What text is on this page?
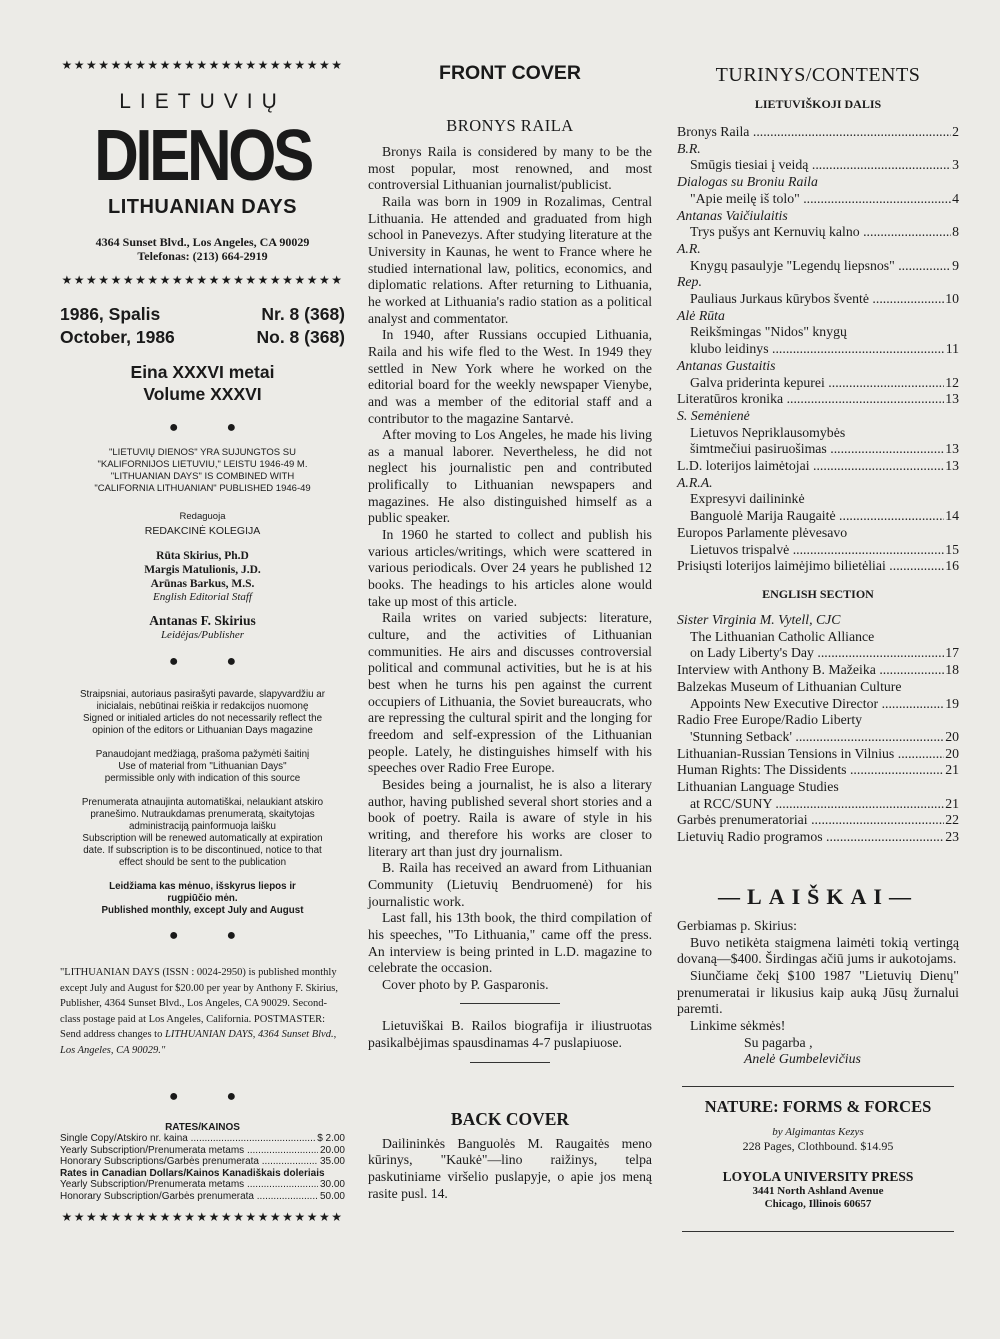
★★★★★★★★★★★★★★★★★★★★★★★
LIETUVIŲ
DIENOS
LITHUANIAN DAYS
4364 Sunset Blvd., Los Angeles, CA 90029
Telefonas: (213) 664-2919
★★★★★★★★★★★★★★★★★★★★★★★
1986, Spalis	Nr. 8 (368)
October, 1986	No. 8 (368)
Eina XXXVI metai
Volume XXXVI
● ●
"LIETUVIŲ DIENOS" YRA SUJUNGTOS SU
"KALIFORNIJOS LIETUVIU," LEISTU 1946-49 M.
"LITHUANIAN DAYS" IS COMBINED WITH
"CALIFORNIA LITHUANIAN" PUBLISHED 1946-49
Redaguoja
REDAKCINĖ KOLEGIJA
Rūta Skirius, Ph.D
Margis Matulionis, J.D.
Arūnas Barkus, M.S.
English Editorial Staff
Antanas F. Skirius
Leidėjas/Publisher
● ●
Straipsniai, autoriaus pasirašyti pavarde, slapyvardžiu ar
inicialais, nebūtinai reiškia ir redakcijos nuomonę
Signed or initialed articles do not necessarily reflect the
opinion of the editors or Lithuanian Days magazine
Panaudojant medžiagą, prašoma pažymėti šaitinį
Use of material from "Lithuanian Days"
permissible only with indication of this source
Prenumerata atnaujinta automatiškai, nelaukiant atskiro
pranešimo. Nutraukdamas prenumeratą, skaitytojas
administraciją painformuoja laišku
Subscription will be renewed automatically at expiration
date. If subscription is to be discontinued, notice to that
effect should be sent to the publication
Leidžiama kas mėnuo, išskyrus liepos ir
rugpiūčio mėn.
Published monthly, except July and August
● ●
"LITHUANIAN DAYS (ISSN : 0024-2950) is published monthly except July and August for $20.00 per year by Anthony F. Skirius, Publisher, 4364 Sunset Blvd., Los Angeles, CA 90029. Second-class postage paid at Los Angeles, California. POSTMASTER: Send address changes to LITHUANIAN DAYS, 4364 Sunset Blvd., Los Angeles, CA 90029."
● ●
RATES/KAINOS
Single Copy/Atskiro nr. kaina .....	$ 2.00
Yearly Subscription/Prenumerata metams .....	20.00
Honorary Subscriptions/Garbės prenumerata .....	35.00
Rates in Canadian Dollars/Kainos Kanadiškais doleriais
Yearly Subscription/Prenumerata metams .....	30.00
Honorary Subscription/Garbės prenumerata .....	50.00
★★★★★★★★★★★★★★★★★★★★★★★
FRONT COVER
BRONYS RAILA

Bronys Raila is considered by many to be the most popular, most renowned, and most controversial Lithuanian journalist/publicist.

Raila was born in 1909 in Rozalimas, Central Lithuania. He attended and graduated from high school in Panevezys. After studying literature at the University in Kaunas, he went to France where he studied international law, politics, economics, and diplomatic relations. After returning to Lithuania, he worked at Lithuania's radio station as a political analyst and commentator.

In 1940, after Russians occupied Lithuania, Raila and his wife fled to the West. In 1949 they settled in New York where he worked on the editorial board for the weekly newspaper Vienybe, and was a member of the editorial staff and a contributor to the magazine Santarvė.

After moving to Los Angeles, he made his living as a manual laborer. Nevertheless, he did not neglect his journalistic pen and contributed prolifically to Lithuanian newspapers and magazines. He also distinguished himself as a public speaker.

In 1960 he started to collect and publish his various articles/writings, which were scattered in various periodicals. Over 24 years he published 12 books. The headings to his articles alone would take up most of this article.

Raila writes on varied subjects: literature, culture, and the activities of Lithuanian communities. He airs and discusses controversial political and communal activities, but he is at his best when he turns his pen against the current occupiers of Lithuania, the Soviet bureaucrats, who are repressing the cultural spirit and the longing for freedom and self-expression of the Lithuanian people. Lately, he distinguishes himself with his speeches over Radio Free Europe.

Besides being a journalist, he is also a literary author, having published several short stories and a book of poetry. Raila is aware of style in his writing, and therefore his works are closer to literary art than just dry journalism.

B. Raila has received an award from Lithuanian Community (Lietuvių Bendruomenė) for his journalistic work.

Last fall, his 13th book, the third compilation of his speeches, "To Lithuania," came off the press. An interview is being printed in L.D. magazine to celebrate the occasion.

Cover photo by P. Gasparonis.

Lietuviškai B. Railos biografija ir iliustruotas pasikalbėjimas spausdinamas 4-7 puslapiuose.

BACK COVER

Dailininkės Banguolės M. Raugaitės meno kūrinys, "Kaukė"—lino raižinys, telpa paskutiniame viršelio puslapyje, o apie jos meną rasite pusl. 14.

TURINYS/CONTENTS
LIETUVIŠKOJI DALIS
Bronys Raila .....	2
B.R.
Smūgis tiesiai į veidą .....	3
Dialogas su Broniu Raila
"Apie meilę iš tolo" .....	4
Antanas Vaičiulaitis
Trys pušys ant Kernuvių kalno .....	8
A.R.
Knygų pasaulyje "Legendų liepsnos" .....	9
Rep.
Pauliaus Jurkaus kūrybos šventė .....	10
Alė Rūta
Reikšmingas "Nidos" knygų
klubo leidinys .....	11
Antanas Gustaitis
Galva priderinta kepurei .....	12
Literatūros kronika .....	13
S. Semėnienė
Lietuvos Nepriklausomybės
šimtmečiui pasiruošimas .....	13
L.D. loterijos laimėtojai .....	13
A.R.A.
Expresyvi dailininkė
Banguolė Marija Raugaitė .....	14
Europos Parlamente plėvesavo
Lietuvos trispalvė .....	15
Prisiųsti loterijos laimėjimo bilietėliai .....	16
ENGLISH SECTION
Sister Virginia M. Vytell, CJC
The Lithuanian Catholic Alliance
on Lady Liberty's Day .....	17
Interview with Anthony B. Mažeika .....	18
Balzekas Museum of Lithuanian Culture
Appoints New Executive Director .....	19
Radio Free Europe/Radio Liberty
'Stunning Setback' .....	20
Lithuanian-Russian Tensions in Vilnius .....	20
Human Rights: The Dissidents .....	21
Lithuanian Language Studies
at RCC/SUNY .....	21
Garbės prenumeratoriai .....	22
Lietuvių Radio programos .....	23
—LAIŠKAI—
Gerbiamas p. Skirius:

Buvo netikėta staigmena laimėti tokią vertingą dovaną—$400. Širdingas ačiū jums ir aukotojams.

Siunčiame čekį $100 1987 "Lietuvių Dienų" prenumeratai ir likusius kaip auką Jūsų žurnalui paremti.

Linkime sėkmės!

Su pagarba ,
Anelė Gumbelevičius
NATURE: FORMS & FORCES
by Algimantas Kezys
228 Pages, Clothbound. $14.95
LOYOLA UNIVERSITY PRESS
3441 North Ashland Avenue
Chicago, Illinois 60657
